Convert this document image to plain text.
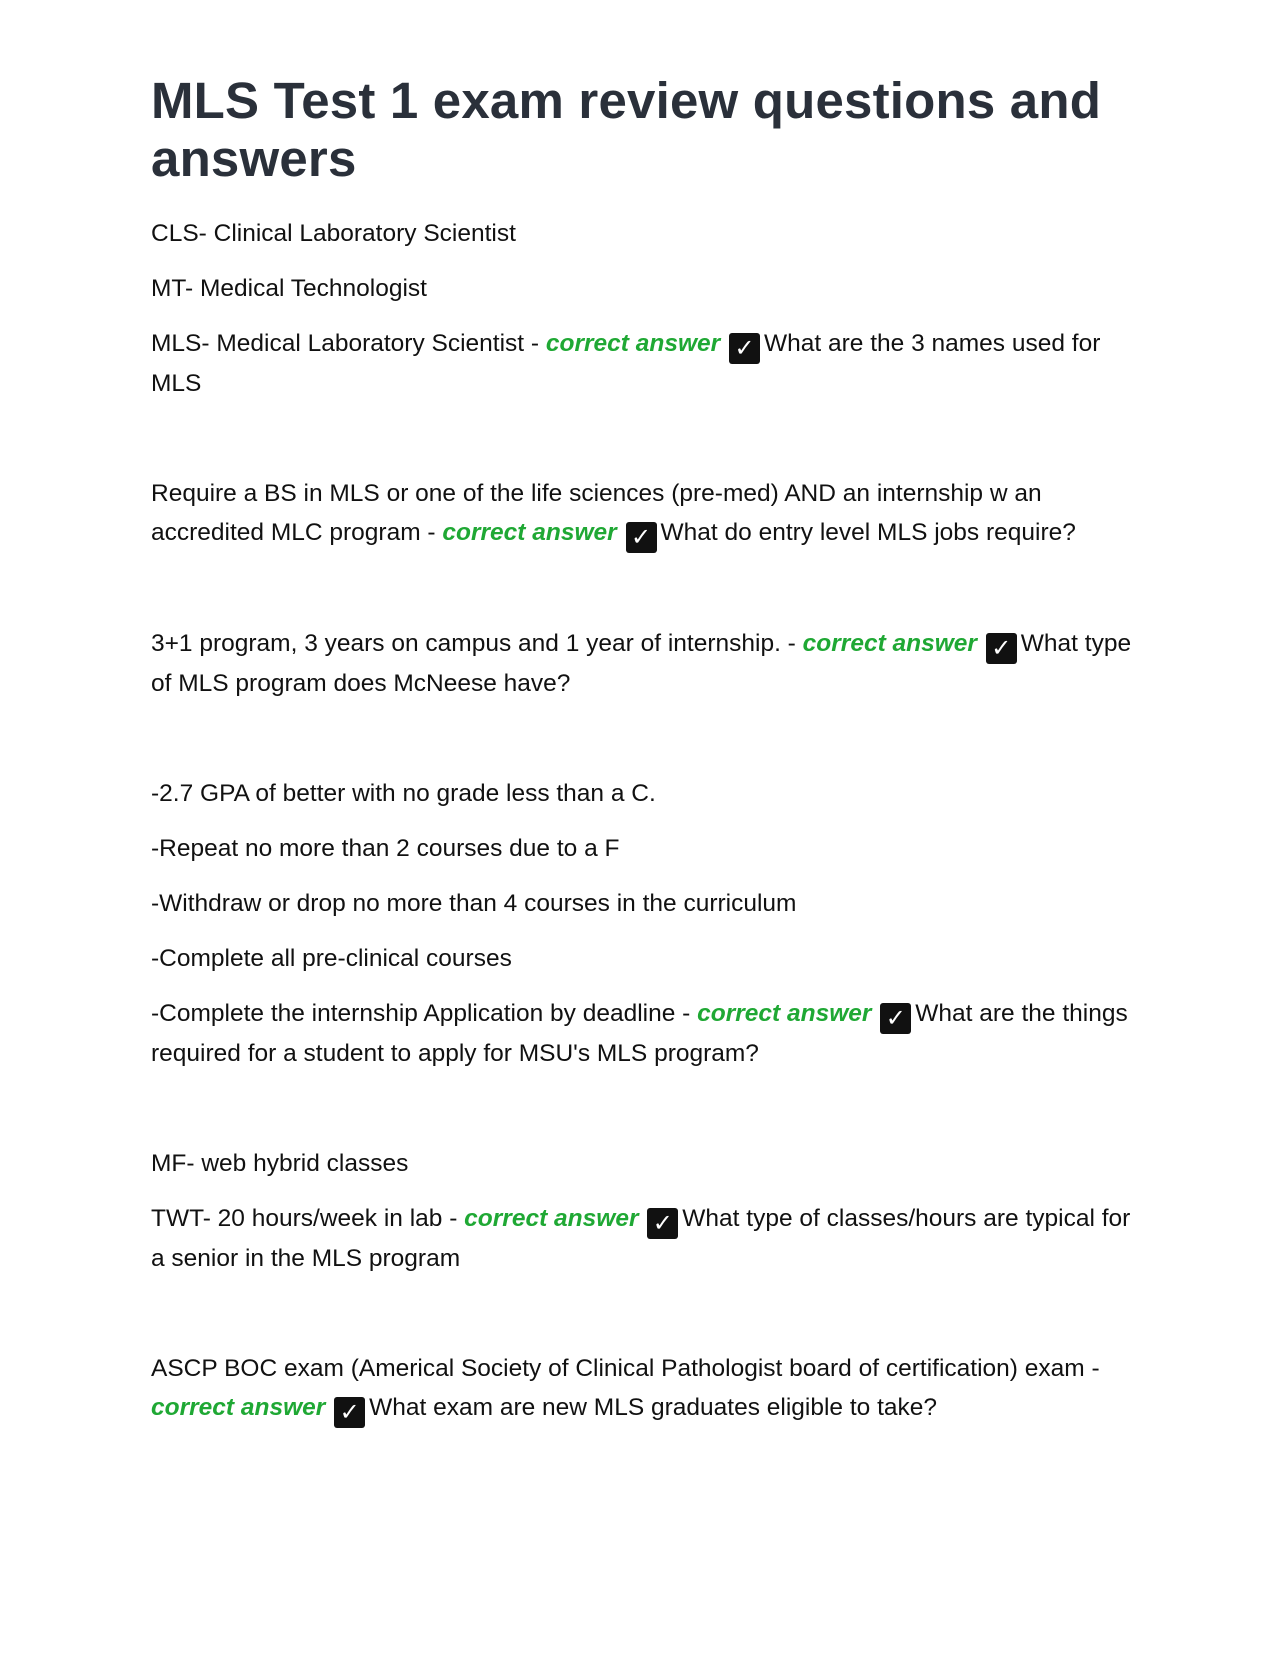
MLS Test 1 exam review questions and answers

CLS- Clinical Laboratory Scientist

MT- Medical Technologist

MLS- Medical Laboratory Scientist - correct answer ✓ What are the 3 names used for MLS

Require a BS in MLS or one of the life sciences (pre-med) AND an internship w an accredited MLC program - correct answer ✓ What do entry level MLS jobs require?

3+1 program, 3 years on campus and 1 year of internship. - correct answer ✓ What type of MLS program does McNeese have?

-2.7 GPA of better with no grade less than a C.

-Repeat no more than 2 courses due to a F

-Withdraw or drop no more than 4 courses in the curriculum

-Complete all pre-clinical courses

-Complete the internship Application by deadline - correct answer ✓ What are the things required for a student to apply for MSU's MLS program?

MF- web hybrid classes

TWT- 20 hours/week in lab - correct answer ✓ What type of classes/hours are typical for a senior in the MLS program

ASCP BOC exam (Americal Society of Clinical Pathologist board of certification) exam - correct answer ✓ What exam are new MLS graduates eligible to take?
